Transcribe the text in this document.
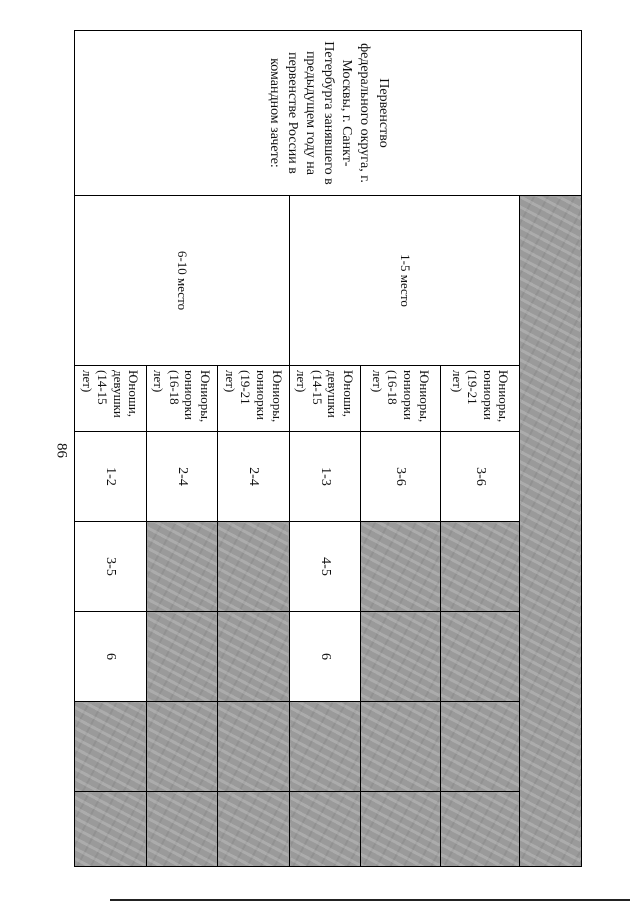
86
Первенство федерального округа, г. Москвы, г. Санкт-Петербурга занявшего в предыдущем году на первенстве России в командном зачете:							
	1-5 место	Юниоры, юниорки (19-21 лет)	3-6				
		Юниоры, юниорки (16-18 лет)	3-6				
		Юноши, девушки (14-15 лет)	1-3	4-5	6		
	6-10 место	Юниоры, юниорки (19-21 лет)	2-4				
		Юниоры, юниорки (16-18 лет)	2-4				
		Юноши, девушки (14-15 лет)	1-2	3-5	6		
